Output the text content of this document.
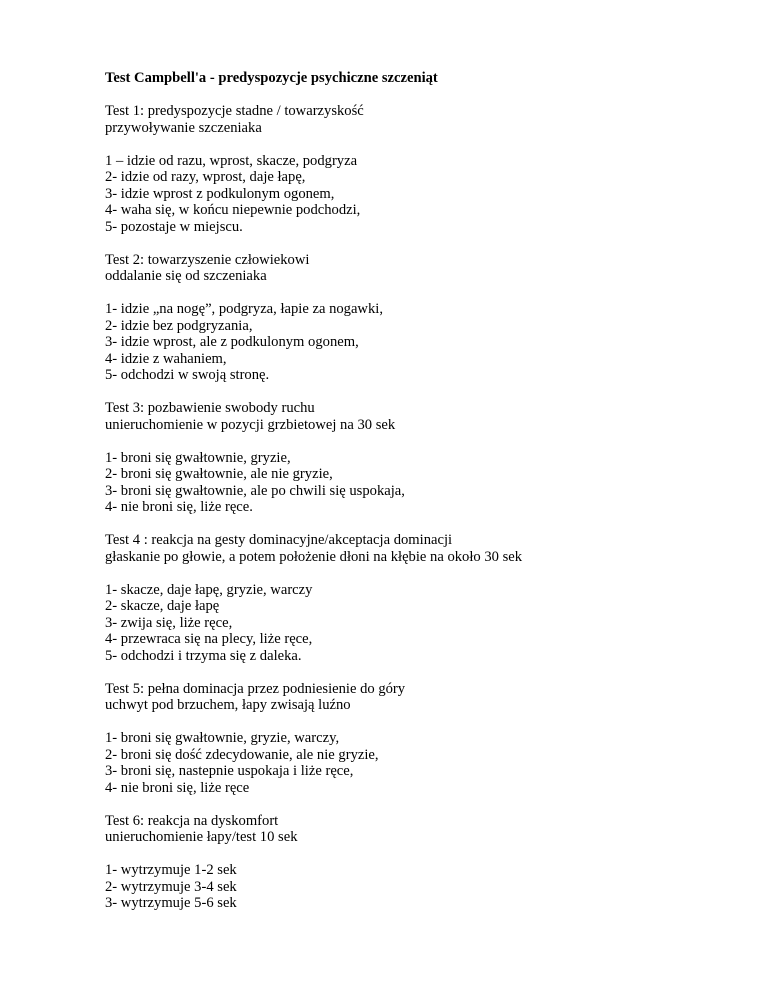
Test Campbell'a - predyspozycje psychiczne szczeniąt
Test 1: predyspozycje stadne / towarzyskość
przywoływanie szczeniaka
1 – idzie od razu, wprost, skacze, podgryza
2- idzie od razy, wprost, daje łapę,
3- idzie wprost z podkulonym ogonem,
4- waha się, w końcu niepewnie podchodzi,
5- pozostaje w miejscu.
Test 2: towarzyszenie człowiekowi
oddalanie się od szczeniaka
1- idzie „na nogę”, podgryza, łapie za nogawki,
2- idzie bez podgryzania,
3- idzie wprost, ale z podkulonym ogonem,
4- idzie z wahaniem,
5- odchodzi w swoją stronę.
Test 3: pozbawienie swobody ruchu
unieruchomienie w pozycji grzbietowej na 30 sek
1- broni się gwałtownie, gryzie,
2- broni się gwałtownie, ale nie gryzie,
3- broni się gwałtownie, ale po chwili się uspokaja,
4- nie broni się, liże ręce.
Test 4 : reakcja na gesty dominacyjne/akceptacja dominacji
głaskanie po głowie, a potem położenie dłoni na kłębie na około 30 sek
1- skacze, daje łapę, gryzie, warczy
2- skacze, daje łapę
3- zwija się, liże ręce,
4- przewraca się na plecy, liże ręce,
5- odchodzi i trzyma się z daleka.
Test 5: pełna dominacja przez podniesienie do góry
uchwyt pod brzuchem, łapy zwisają luźno
1- broni się gwałtownie, gryzie, warczy,
2- broni się dość zdecydowanie, ale nie gryzie,
3- broni się, nastepnie uspokaja i liże ręce,
4- nie broni się, liże ręce
Test 6: reakcja na dyskomfort
unieruchomienie łapy/test 10 sek
1- wytrzymuje 1-2 sek
2- wytrzymuje 3-4 sek
3- wytrzymuje 5-6 sek
